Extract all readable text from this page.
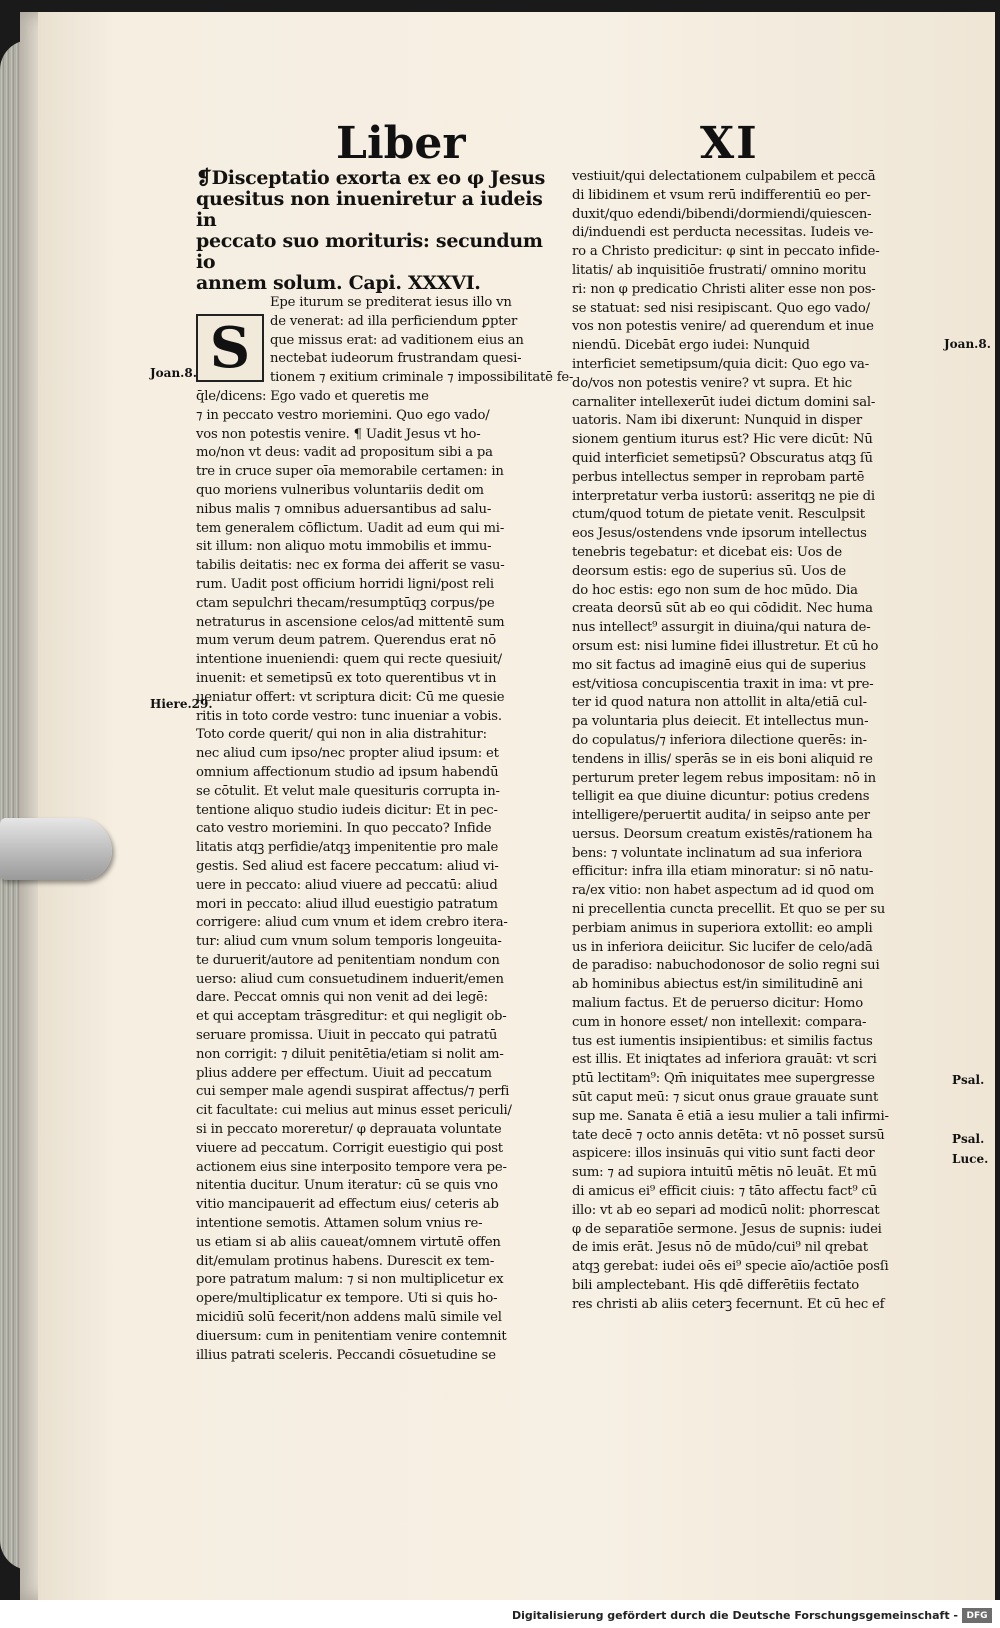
Liber	XI
❡Disceptatio exorta ex eo φ Jesus
quesitus non inueniretur a iudeis in
peccato suo morituris: secundum io
annem solum. Capi. XXXVI.
S
Epe iturum se prediterat iesus illo vn
de venerat: ad illa perficiendum ꝑpter
que missus erat: ad vaditionem eius an
nectebat iudeorum frustrandam quesi-
tionem ⁊ exitium criminale ⁊ impossibilitatē fe-
q̄le/dicens: Ego vado et queretis me
⁊ in peccato vestro moriemini. Quo ego vado/
vos non potestis venire. ¶ Uadit Jesus vt ho-
mo/non vt deus: vadit ad propositum sibi a pa
tre in cruce super oīa memorabile certamen: in
quo moriens vulneribus voluntariis dedit om
nibus malis ⁊ omnibus aduersantibus ad salu-
tem generalem cōflictum. Uadit ad eum qui mi-
sit illum: non aliquo motu immobilis et immu-
tabilis deitatis: nec ex forma dei afferit se vasu-
rum. Uadit post officium horridi ligni/post reli
ctam sepulchri thecam/resumptūqꝫ corpus/pe
netraturus in ascensione celos/ad mittentē sum
mum verum deum patrem. Querendus erat nō
intentione inueniendi: quem qui recte quesiuit/
inuenit: et semetipsū ex toto querentibus vt in
ueniatur offert: vt scriptura dicit: Cū me quesie
ritis in toto corde vestro: tunc inueniar a vobis.
Toto corde querit/ qui non in alia distrahitur:
nec aliud cum ipso/nec propter aliud ipsum: et
omnium affectionum studio ad ipsum habendū
se cōtulit. Et velut male quesituris corrupta in-
tentione aliquo studio iudeis dicitur: Et in pec-
cato vestro moriemini. In quo peccato? Infide
litatis atqꝫ perfidie/atqꝫ impenitentie pro male
gestis. Sed aliud est facere peccatum: aliud vi-
uere in peccato: aliud viuere ad peccatū: aliud
mori in peccato: aliud illud euestigio patratum
corrigere: aliud cum vnum et idem crebro itera-
tur: aliud cum vnum solum temporis longeuita-
te duruerit/autore ad penitentiam nondum con
uerso: aliud cum consuetudinem induerit/emen
dare. Peccat omnis qui non venit ad dei legē:
et qui acceptam trāsgreditur: et qui negligit ob-
seruare promissa. Uiuit in peccato qui patratū
non corrigit: ⁊ diluit penitētia/etiam si nolit am-
plius addere per effectum. Uiuit ad peccatum
cui semper male agendi suspirat affectus/⁊ perfi
cit facultate: cui melius aut minus esset periculi/
si in peccato moreretur/ φ deprauata voluntate
viuere ad peccatum. Corrigit euestigio qui post
actionem eius sine interposito tempore vera pe-
nitentia ducitur. Unum iteratur: cū se quis vno
vitio mancipauerit ad effectum eius/ ceteris ab
intentione semotis. Attamen solum vnius re-
us etiam si ab aliis caueat/omnem virtutē offen
dit/emulam protinus habens. Durescit ex tem-
pore patratum malum: ⁊ si non multiplicetur ex
opere/multiplicatur ex tempore. Uti si quis ho-
micidiū solū fecerit/non addens malū simile vel
diuersum: cum in penitentiam venire contemnit
illius patrati sceleris. Peccandi cōsuetudine se
vestiuit/qui delectationem culpabilem et peccā
di libidinem et vsum rerū indifferentiū eo per-
duxit/quo edendi/bibendi/dormiendi/quiescen-
di/induendi est perducta necessitas. Iudeis ve-
ro a Christo predicitur: φ sint in peccato infide-
litatis/ ab inquisitiōe frustrati/ omnino moritu
ri: non φ predicatio Christi aliter esse non pos-
se statuat: sed nisi resipiscant. Quo ego vado/
vos non potestis venire/ ad querendum et inue
niendū. Dicebāt ergo iudei: Nunquid
interficiet semetipsum/quia dicit: Quo ego va-
do/vos non potestis venire? vt supra. Et hic
carnaliter intellexerūt iudei dictum domini sal-
uatoris. Nam ibi dixerunt: Nunquid in disper
sionem gentium iturus est? Hic vere dicūt: Nū
quid interficiet semetipsū? Obscuratus atqꝫ ſū
perbus intellectus semper in reprobam partē
interpretatur verba iustorū: asseritqꝫ ne pie di
ctum/quod totum de pietate venit. Resculpsit
eos Jesus/ostendens vnde ipsorum intellectus
tenebris tegebatur: et dicebat eis: Uos de
deorsum estis: ego de superius sū. Uos de
do hoc estis: ego non sum de hoc mūdo. Dia
creata deorsū sūt ab eo qui cōdidit. Nec huma
nus intellect⁹ assurgit in diuina/qui natura de-
orsum est: nisi lumine fidei illustretur. Et cū ho
mo sit factus ad imaginē eius qui de superius
est/vitiosa concupiscentia traxit in ima: vt pre-
ter id quod natura non attollit in alta/etiā cul-
pa voluntaria plus deiecit. Et intellectus mun-
do copulatus/⁊ inferiora dilectione querēs: in-
tendens in illis/ sperās se in eis boni aliquid re
perturum preter legem rebus impositam: nō in
telligit ea que diuine dicuntur: potius credens
intelligere/peruertit audita/ in seipso ante per
uersus. Deorsum creatum existēs/rationem ha
bens: ⁊ voluntate inclinatum ad sua inferiora
efficitur: infra illa etiam minoratur: si nō natu-
ra/ex vitio: non habet aspectum ad id quod om
ni precellentia cuncta precellit. Et quo se per su
perbiam animus in superiora extollit: eo ampli
us in inferiora deiicitur. Sic lucifer de celo/adā
de paradiso: nabuchodonosor de solio regni sui
ab hominibus abiectus est/in similitudinē ani
malium factus. Et de peruerso dicitur: Homo
cum in honore esset/ non intellexit: compara-
tus est iumentis insipientibus: et similis factus
est illis. Et iniqtates ad inferiora grauāt: vt scri
ptū lectitam⁹: Qm̄ iniquitates mee supergresse
sūt caput meū: ⁊ sicut onus graue grauate sunt
sup me. Sanata ē etiā a iesu mulier a tali infirmi-
tate decē ⁊ octo annis detēta: vt nō posset sursū
aspicere: illos insinuās qui vitio sunt facti deor
sum: ⁊ ad supiora intuitū mētis nō leuāt. Et mū
di amicus ei⁹ efficit ciuis: ⁊ tāto affectu fact⁹ cū
illo: vt ab eo separi ad modicū nolit: phorrescat
φ de separatiōe sermone. Jesus de supnis: iudei
de imis erāt. Jesus nō de mūdo/cui⁹ nil qrebat
atqꝫ gerebat: iudei oēs ei⁹ specie aīo/actiōe posſi
bili amplectebant. His qdē differētiis fectato
res christi ab aliis ceterꝫ fecernunt. Et cū hec ef
Joan.8.
Hiere.29.
Joan.8.
Psal.
Psal.
Luce.
Digitalisierung gefördert durch die Deutsche Forschungsgemeinschaft - DFG
